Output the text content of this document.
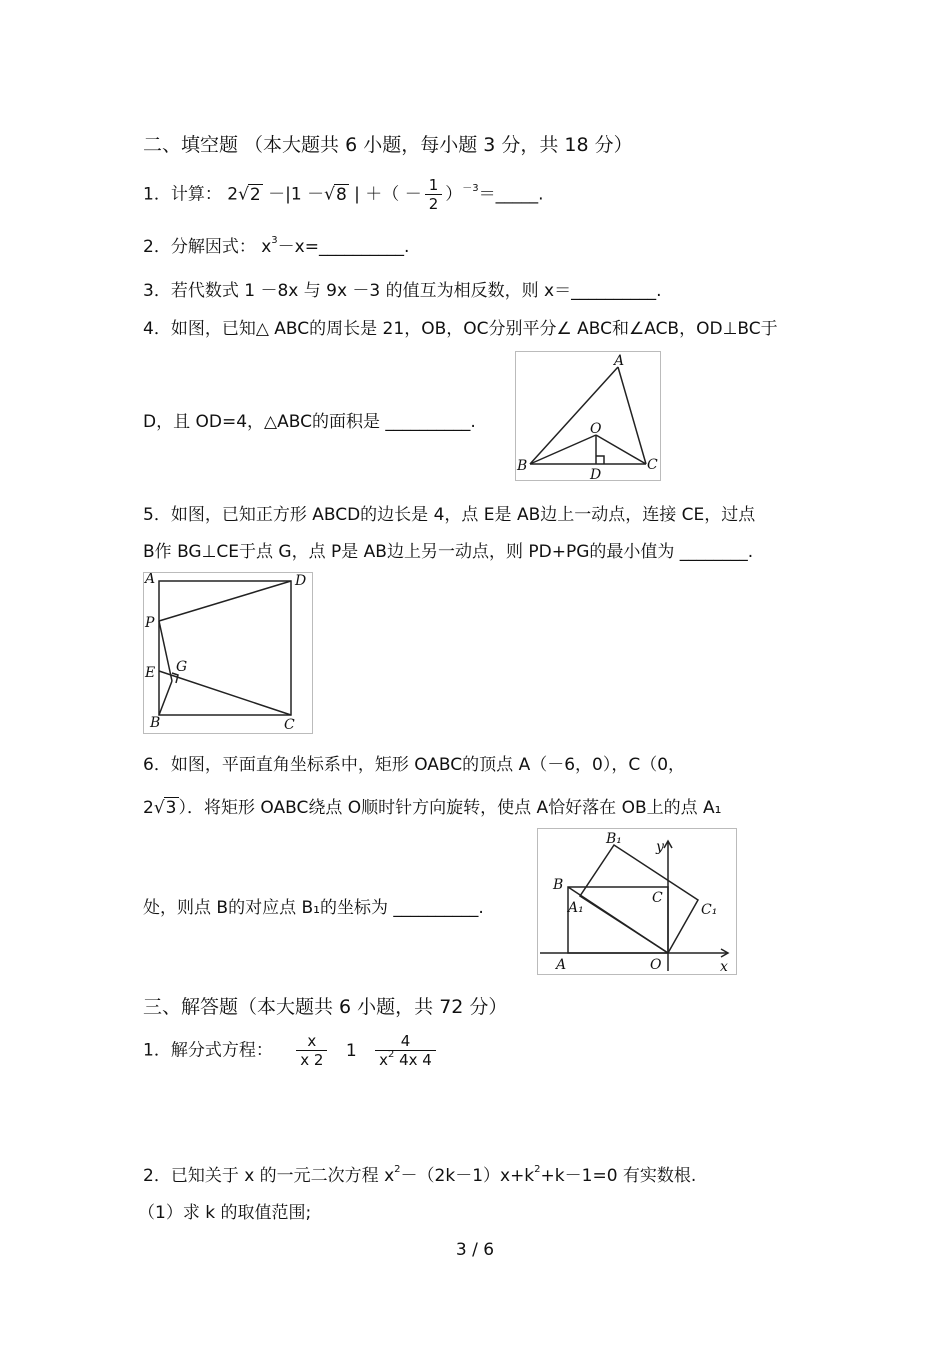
二、填空题 （本大题共 6 小题，每小题 3 分，共 18 分）
1．计算： 2√2 －|1 －√8 | ＋（ － $\frac{1}{2}$ ）$^{-3}$＝_____.
2．分解因式： $x^3-x=\_\_\_\_\_\_\_\_\_\_$.
3．若代数式 1 －8x 与 9x －3 的值互为相反数，则 x＝__________.
4．如图，已知△ ABC的周长是 21，OB，OC分别平分∠ ABC和∠ACB，OD⊥BC于
D，且 OD=4，△ABC的面积是 __________.
A
B	C
O
D
5．如图，已知正方形 ABCD的边长是 4，点 E是 AB边上一动点，连接 CE，过点
B作 BG⊥CE于点 G，点 P是 AB边上另一动点，则 PD+PG的最小值为 ________.
A	D
P
E G
B	C
6．如图，平面直角坐标系中，矩形 OABC的顶点 A（－6，0），C（0，
2√3 ）．将矩形 OABC绕点 O顺时针方向旋转，使点 A恰好落在 OB上的点 A₁
处，则点 B的对应点 B₁的坐标为 __________.
B₁ y
B
C
A₁	C₁
A	O	x
三、解答题（本大题共 6 小题，共 72 分）
1．解分式方程： $\frac{x}{x 2} 1 \frac{4}{x^2 4x 4}$
2．已知关于 x 的一元二次方程 $x^2-(2k-1)x+k^2+k-1=0$ 有实数根.
（1）求 k 的取值范围;
3 / 6
